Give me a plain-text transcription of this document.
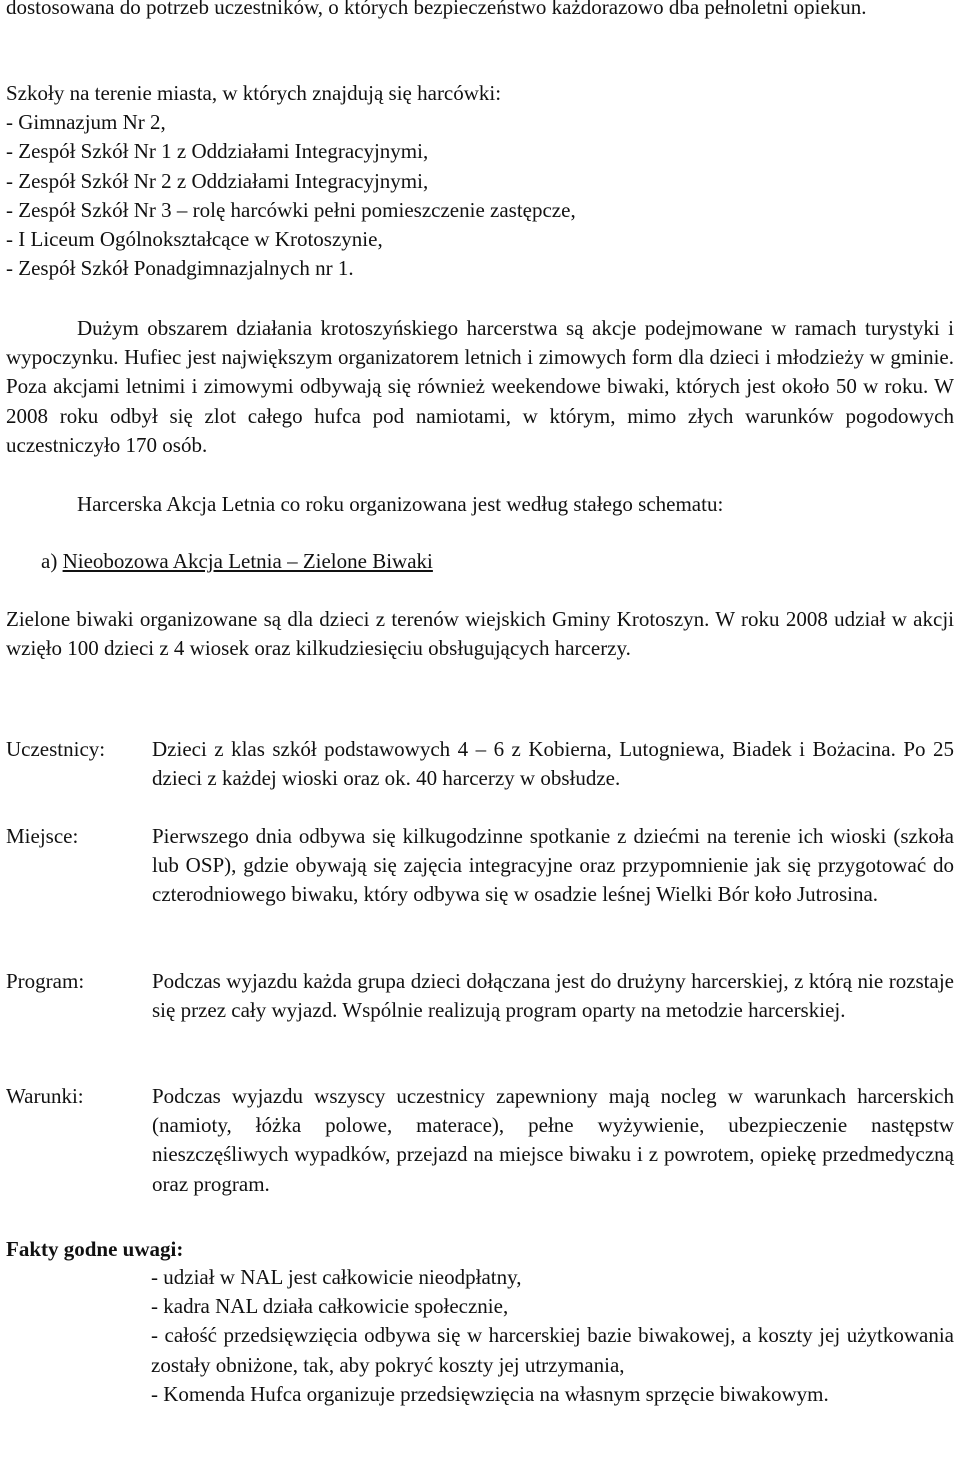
dostosowana do potrzeb uczestników, o których bezpieczeństwo każdorazowo dba pełnoletni opiekun.
Szkoły na terenie miasta, w których znajdują się harcówki:
- Gimnazjum Nr 2,
- Zespół Szkół Nr 1 z Oddziałami Integracyjnymi,
- Zespół Szkół Nr 2 z Oddziałami Integracyjnymi,
- Zespół Szkół Nr 3 – rolę harcówki pełni pomieszczenie zastępcze,
- I Liceum Ogólnokształcące w Krotoszynie,
- Zespół Szkół Ponadgimnazjalnych nr 1.
Dużym obszarem działania krotoszyńskiego harcerstwa są akcje podejmowane w ramach turystyki i wypoczynku. Hufiec jest największym organizatorem letnich i zimowych form dla dzieci i młodzieży w gminie. Poza akcjami letnimi i zimowymi odbywają się również weekendowe biwaki, których jest około 50 w roku. W 2008 roku odbył się zlot całego hufca pod namiotami, w którym, mimo złych warunków pogodowych uczestniczyło 170 osób.
Harcerska Akcja Letnia co roku organizowana jest według stałego schematu:
a) Nieobozowa Akcja Letnia – Zielone Biwaki
Zielone biwaki organizowane są dla dzieci z terenów wiejskich Gminy Krotoszyn. W roku 2008 udział w akcji wzięło 100 dzieci z 4 wiosek oraz kilkudziesięciu obsługujących harcerzy.
Uczestnicy: Dzieci z klas szkół podstawowych 4 – 6 z Kobierna, Lutogniewa, Biadek i Bożacina. Po 25 dzieci z każdej wioski oraz ok. 40 harcerzy w obsłudze.
Miejsce:	Pierwszego dnia odbywa się kilkugodzinne spotkanie z dziećmi na terenie ich wioski (szkoła lub OSP), gdzie obywają się zajęcia integracyjne oraz przypomnienie jak się przygotować do czterodniowego biwaku, który odbywa się w osadzie leśnej Wielki Bór koło Jutrosina.
Program:	Podczas wyjazdu każda grupa dzieci dołączana jest do drużyny harcerskiej, z którą nie rozstaje się przez cały wyjazd. Wspólnie realizują program oparty na metodzie harcerskiej.
Warunki:	Podczas wyjazdu wszyscy uczestnicy zapewniony mają nocleg w warunkach harcerskich (namioty, łóżka polowe, materace), pełne wyżywienie, ubezpieczenie następstw nieszczęśliwych wypadków, przejazd na miejsce biwaku i z powrotem, opiekę przedmedyczną oraz program.
Fakty godne uwagi:
- udział w NAL jest całkowicie nieodpłatny,
- kadra NAL działa całkowicie społecznie,
- całość przedsięwzięcia odbywa się w harcerskiej bazie biwakowej, a koszty jej użytkowania zostały obniżone, tak, aby pokryć koszty jej utrzymania,
- Komenda Hufca organizuje przedsięwzięcia na własnym sprzęcie biwakowym.
